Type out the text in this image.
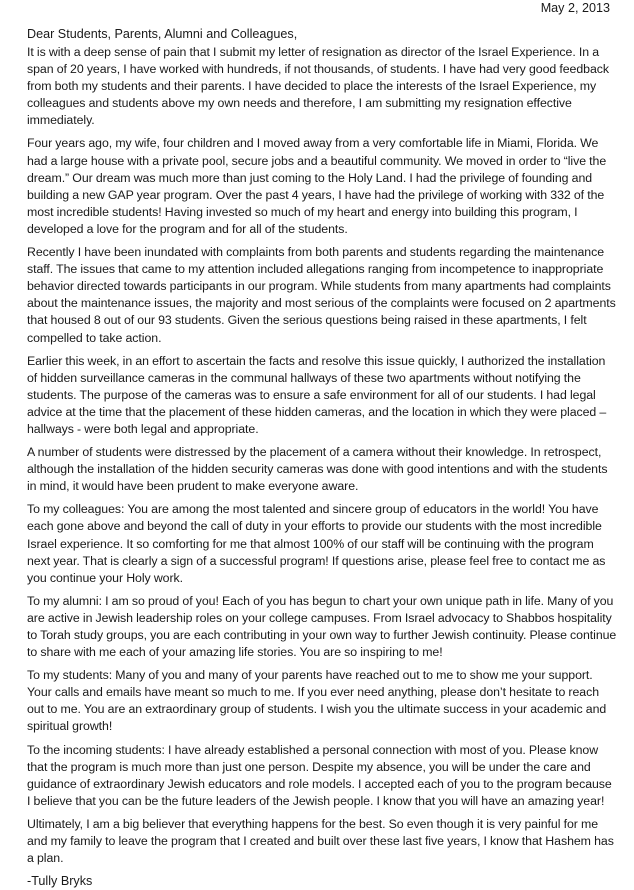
May 2, 2013

Dear Students, Parents, Alumni and Colleagues,

It is with a deep sense of pain that I submit my letter of resignation as director of the Israel Experience. In a span of 20 years, I have worked with hundreds, if not thousands, of students. I have had very good feedback from both my students and their parents. I have decided to place the interests of the Israel Experience, my colleagues and students above my own needs and therefore, I am submitting my resignation effective immediately.

Four years ago, my wife, four children and I moved away from a very comfortable life in Miami, Florida. We had a large house with a private pool, secure jobs and a beautiful community. We moved in order to “live the dream.” Our dream was much more than just coming to the Holy Land. I had the privilege of founding and building a new GAP year program. Over the past 4 years, I have had the privilege of working with 332 of the most incredible students! Having invested so much of my heart and energy into building this program, I developed a love for the program and for all of the students.

Recently I have been inundated with complaints from both parents and students regarding the maintenance staff. The issues that came to my attention included allegations ranging from incompetence to inappropriate behavior directed towards participants in our program. While students from many apartments had complaints about the maintenance issues, the majority and most serious of the complaints were focused on 2 apartments that housed 8 out of our 93 students. Given the serious questions being raised in these apartments, I felt compelled to take action.

Earlier this week, in an effort to ascertain the facts and resolve this issue quickly, I authorized the installation of hidden surveillance cameras in the communal hallways of these two apartments without notifying the students. The purpose of the cameras was to ensure a safe environment for all of our students. I had legal advice at the time that the placement of these hidden cameras, and the location in which they were placed – hallways - were both legal and appropriate.

A number of students were distressed by the placement of a camera without their knowledge. In retrospect, although the installation of the hidden security cameras was done with good intentions and with the students in mind, it would have been prudent to make everyone aware.

To my colleagues: You are among the most talented and sincere group of educators in the world! You have each gone above and beyond the call of duty in your efforts to provide our students with the most incredible Israel experience. It so comforting for me that almost 100% of our staff will be continuing with the program next year. That is clearly a sign of a successful program! If questions arise, please feel free to contact me as you continue your Holy work.

To my alumni: I am so proud of you! Each of you has begun to chart your own unique path in life. Many of you are active in Jewish leadership roles on your college campuses. From Israel advocacy to Shabbos hospitality to Torah study groups, you are each contributing in your own way to further Jewish continuity. Please continue to share with me each of your amazing life stories. You are so inspiring to me!

To my students: Many of you and many of your parents have reached out to me to show me your support. Your calls and emails have meant so much to me. If you ever need anything, please don’t hesitate to reach out to me. You are an extraordinary group of students. I wish you the ultimate success in your academic and spiritual growth!

To the incoming students: I have already established a personal connection with most of you. Please know that the program is much more than just one person. Despite my absence, you will be under the care and guidance of extraordinary Jewish educators and role models. I accepted each of you to the program because I believe that you can be the future leaders of the Jewish people. I know that you will have an amazing year!

Ultimately, I am a big believer that everything happens for the best. So even though it is very painful for me and my family to leave the program that I created and built over these last five years, I know that Hashem has a plan.

-Tully Bryks
